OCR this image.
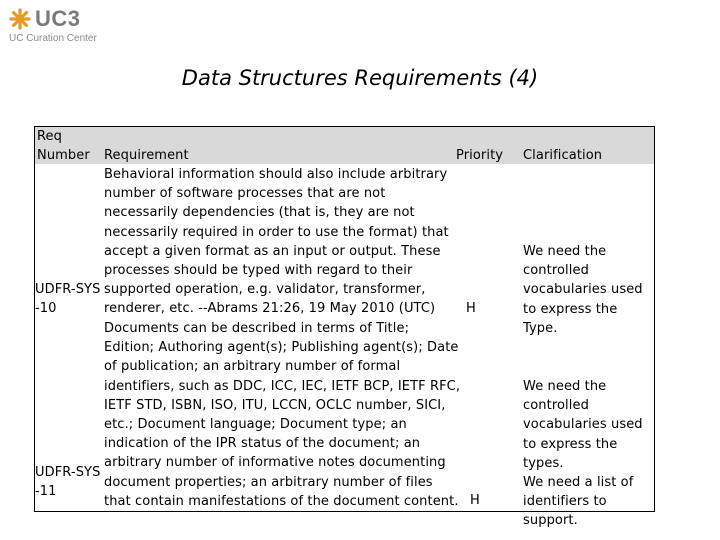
UC3
UC Curation Center
Data Structures Requirements (4)
Req
Number Requirement	Priority Clarification
UDFR-SYS
-10
Behavioral information should also include arbitrary
number of software processes that are not
necessarily dependencies (that is, they are not
necessarily required in order to use the format) that
accept a given format as an input or output. These
processes should be typed with regard to their
supported operation, e.g. validator, transformer,
renderer, etc. --Abrams 21:26, 19 May 2010 (UTC)	H
We need the
controlled
vocabularies used
to express the Type.
UDFR-SYS
-11
Documents can be described in terms of Title;
Edition; Authoring agent(s); Publishing agent(s); Date
of publication; an arbitrary number of formal
identifiers, such as DDC, ICC, IEC, IETF BCP, IETF RFC,
IETF STD, ISBN, ISO, ITU, LCCN, OCLC number, SICI,
etc.; Document language; Document type; an
indication of the IPR status of the document; an
arbitrary number of informative notes documenting
document properties; an arbitrary number of files
that contain manifestations of the document content. H
We need the
controlled
vocabularies used
to express the types.
We need a list of
identifiers to
support.
